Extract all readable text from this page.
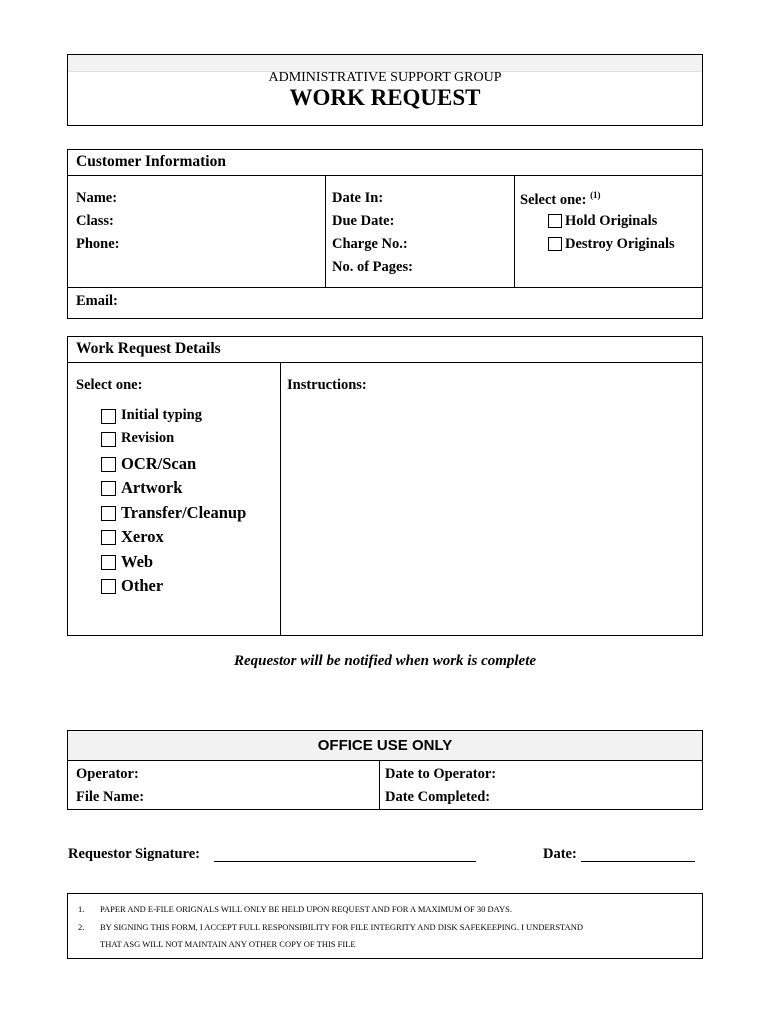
ADMINISTRATIVE SUPPORT GROUP
WORK REQUEST
Customer Information
Name:
Class:
Phone:
Date In:
Due Date:
Charge No.:
No. of Pages:
Select one: $^{(1)}$
Hold Originals
Destroy Originals
Email:
Work Request Details
Select one:	Instructions:
Initial typing
Revision
OCR/Scan
Artwork
Transfer/Cleanup
Xerox
Web
Other
Requestor will be notified when work is complete
OFFICE USE ONLY
Operator:
File Name:
Date to Operator:
Date Completed:
Requestor Signature:	Date:
1. PAPER AND E-FILE ORIGNALS WILL ONLY BE HELD UPON REQUEST AND FOR A MAXIMUM OF 30 DAYS.
2. BY SIGNING THIS FORM, I ACCEPT FULL RESPONSIBILITY FOR FILE INTEGRITY AND DISK SAFEKEEPING. I UNDERSTAND
THAT ASG WILL NOT MAINTAIN ANY OTHER COPY OF THIS FILE
